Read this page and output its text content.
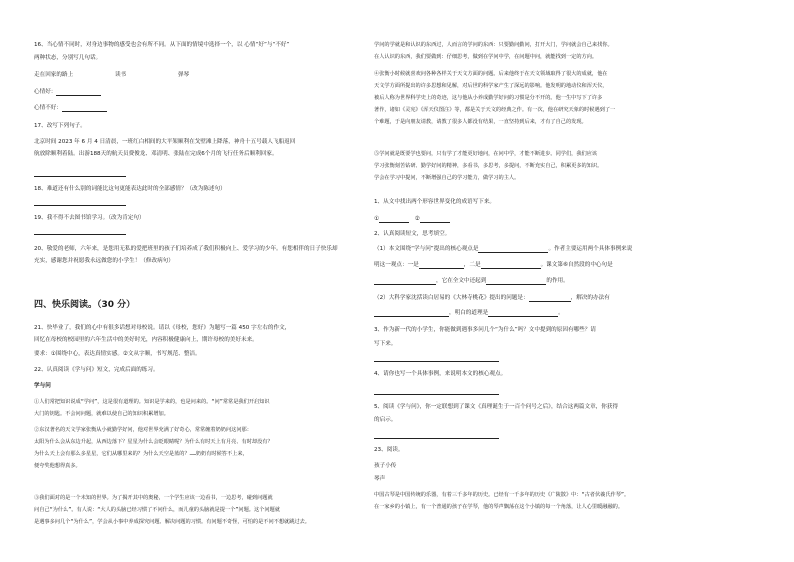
16、当心情不同时，对身边事物的感受也会有所不同。从下面的情境中选择一个，以 心情“好”与“不好”
两种状态，分别写几句话。
走在回家的路上	读书	弹琴
心情好：
心情不好：
17、改写下列句子。
北京时间 2023 年 6 月 4 日清晨，一班红白相间的大平架顺利在戈壁滩上降落，神舟十五号载人飞船返回
航放除顺利着陆。出游188天的航天员费俊龙、邓清明、张陆在完成6个月的飞行任务后顺利回家。
18、难道还有什么别的词能比这句更能表达此时的全部感情？（改为陈述句）
19、我不得不去图书馆学习。（改为肯定句）
20、敬爱的老师，六年来，是您用无私的爱把班里的孩子们培养成了我们积极向上、爱学习的少年。有您相伴的日子快乐却
充实，感谢您并祝愿我永远做您的小学生！（修改病句）
四、快乐阅读。（30 分）
21、快毕业了，我们的心中有很多话想对母校说。请以《母校，您好》为题写一篇 450 字左右的作文，
回忆在母校的校园里的六年生活中的美好时光，内容积极健康向上，期许母校的美好未来。
要求：①围绕中心，表达真情实感。②文从字顺，书写规范、整洁。
22、认真阅读《学与问》短文，完成后面的练习。
学与问
①人们常把知识说成“学问”，这是很有道理的。知识是学来的，也是问来的。“问”常常是我们开启知识
大门的钥匙。不会问问题，就难以使自己的知识积累增加。
②东汉著名的天文学家张衡从小就勤学好问，他对世界充满了好奇心，常常缠着奶奶问这问那：
太阳为什么会从东边升起，从西边落下？星星为什么会眨眼睛呢？为什么有时天上有月亮、有时却没有？
为什么天上会有那么多星星，它们从哪里来的？为什么天空是蓝的？……奶奶有时候答不上来，
便夸奖他想得真多。
③我们面对的是一个未知的世界。为了揭开其中的奥秘，一个学生应该一边看书，一边思考，碰到问题就
问自己“为什么”。有人说：“大人的头脑已经习惯了不问什么，而儿童的头脑就是提一个”问题。这个问题就
是遇事多问几个“为什么”，学会从小事中养成探究问题、解决问题的习惯。有问题不奇怪，可怕的是不问不想就跳过去。
学问的学就是和认识的东西过，人而言的学问的东西：只要勤问勤问，打开大门，学问就会自己来找你。
在人认识的东西，我们要做到：仔细思考，做到在学问中学，在问题中问，就能找到一定的方向。
④张衡小时候就喜欢问各种各样关于天文方面的问题。后来他终于在天文领域取得了很大的成就，他在
天文学方面所提出的许多思想和见解，对后世的科学家产生了深远的影响。他发明的地动仪和浑天仪，
被后人称为世界科学史上的奇迹，这与他从小养成勤学好问的习惯是分不开的。他一生中写下了许多
著作，诸如《灵宪》《浑天仪图注》等，都是关于天文的经典之作。有一次，他在研究天象的时候遇到了一
个难题，于是向朋友请教，请教了很多人都没有结果，一直坚持到后来，才有了自己的发现。
⑤学问就是既要学也要问，只有学了才能更好地问，在问中学，才能不断进步。同学们，我们应该
学习张衡刻苦钻研、勤学好问的精神，多看书，多思考，多提问，不断充实自己，积累更多的知识。
学会在学习中提问，不断增强自己的学习能力，做学习的主人。
1、从文中找出两个形容世界变化的成语写下来。
①	②
2、认真阅读短文，思考填空。
（1）本文围绕“学与问”提出的核心观点是	。作者主要运用两个具体事例来说
明这一观点：一是	，二是	。课文第⑥自然段的中心句是
，它在全文中还起到	的作用。
（2）大科学家沈括读白居易的《大林寺桃花》提出的问题是：	，解决的办法有
，明白的道理是	。
3、作为新一代的小学生，你能做到遇事多问几个“为什么”吗？文中提到的原因有哪些？请
写下来。
4、请你也写一个具体事例，来说明本文的核心观点。
5、阅读《学与问》，你一定联想到了课文《真理诞生于一百个问号之后》，结合这两篇文章，你获得
的启示。
23、阅读。
孩子小传
琴声
中国古琴是中国传统的乐器，有着三千多年的历史。已经有一千多年的历史《广陵散》中：“古者伏羲氏作琴”。
在一家乡的小镇上，有一个普通的孩子在学琴，他的琴声飘荡在这个小镇的每一个角落，让人心里暖融融的。
